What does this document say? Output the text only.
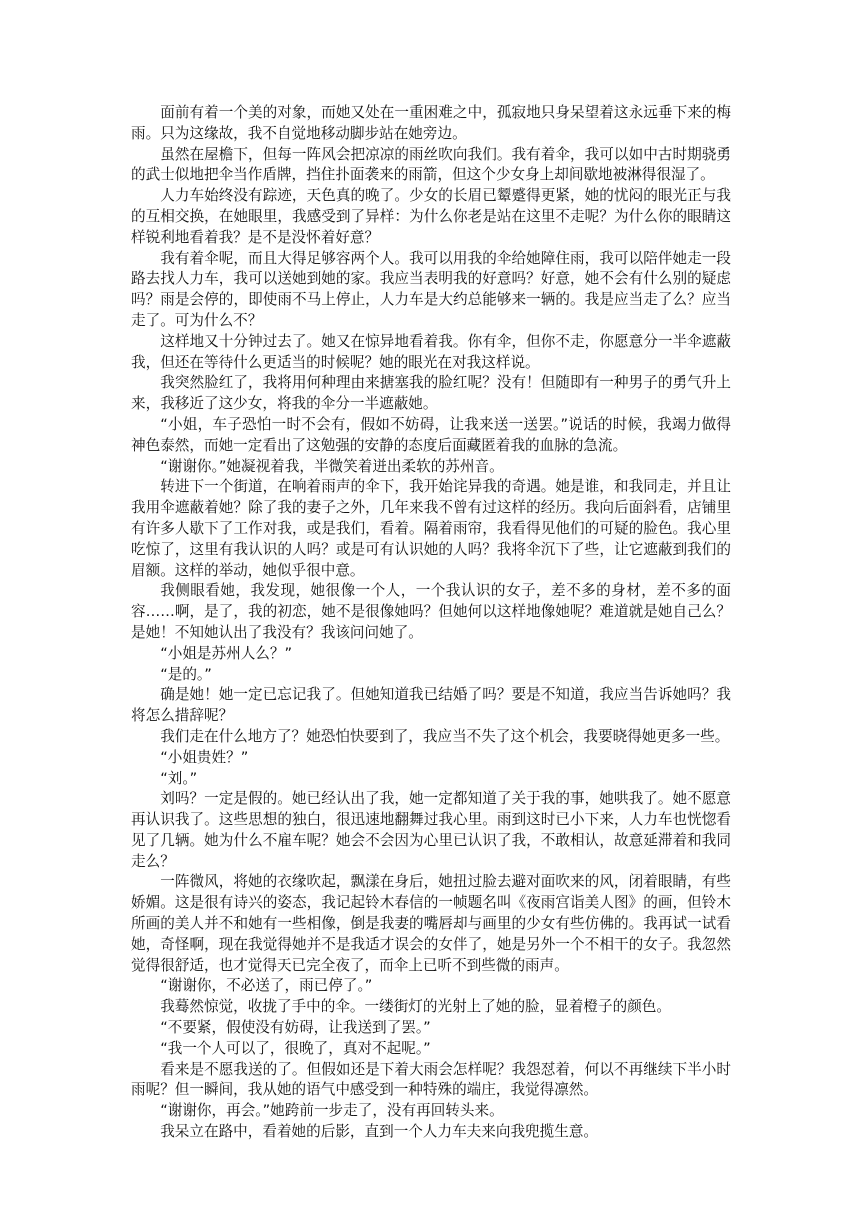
面前有着一个美的对象，而她又处在一重困难之中，孤寂地只身呆望着这永远垂下来的梅雨。只为这缘故，我不自觉地移动脚步站在她旁边。

虽然在屋檐下，但每一阵风会把凉凉的雨丝吹向我们。我有着伞，我可以如中古时期骁勇的武士似地把伞当作盾牌，挡住扑面袭来的雨箭，但这个少女身上却间歇地被淋得很湿了。

人力车始终没有踪迹，天色真的晚了。少女的长眉已颦蹙得更紧，她的忧闷的眼光正与我的互相交换，在她眼里，我感受到了异样：为什么你老是站在这里不走呢？为什么你的眼睛这样锐利地看着我？是不是没怀着好意？

我有着伞呢，而且大得足够容两个人。我可以用我的伞给她障住雨，我可以陪伴她走一段路去找人力车，我可以送她到她的家。我应当表明我的好意吗？好意，她不会有什么别的疑虑吗？雨是会停的，即使雨不马上停止，人力车是大约总能够来一辆的。我是应当走了么？应当走了。可为什么不？

这样地又十分钟过去了。她又在惊异地看着我。你有伞，但你不走，你愿意分一半伞遮蔽我，但还在等待什么更适当的时候呢？她的眼光在对我这样说。

我突然脸红了，我将用何种理由来搪塞我的脸红呢？没有！但随即有一种男子的勇气升上来，我移近了这少女，将我的伞分一半遮蔽她。

“小姐，车子恐怕一时不会有，假如不妨碍，让我来送一送罢。”说话的时候，我竭力做得神色泰然，而她一定看出了这勉强的安静的态度后面藏匿着我的血脉的急流。

“谢谢你。”她凝视着我，半微笑着迸出柔软的苏州音。

转进下一个街道，在响着雨声的伞下，我开始诧异我的奇遇。她是谁，和我同走，并且让我用伞遮蔽着她？除了我的妻子之外，几年来我不曾有过这样的经历。我向后面斜看，店铺里有许多人歇下了工作对我，或是我们，看着。隔着雨帘，我看得见他们的可疑的脸色。我心里吃惊了，这里有我认识的人吗？或是可有认识她的人吗？我将伞沉下了些，让它遮蔽到我们的眉额。这样的举动，她似乎很中意。

我侧眼看她，我发现，她很像一个人，一个我认识的女子，差不多的身材，差不多的面容……啊，是了，我的初恋，她不是很像她吗？但她何以这样地像她呢？难道就是她自己么？是她！不知她认出了我没有？我该问问她了。

“小姐是苏州人么？”

“是的。”

确是她！她一定已忘记我了。但她知道我已结婚了吗？要是不知道，我应当告诉她吗？我将怎么措辞呢？

我们走在什么地方了？她恐怕快要到了，我应当不失了这个机会，我要晓得她更多一些。

“小姐贵姓？”

“刘。”

刘吗？一定是假的。她已经认出了我，她一定都知道了关于我的事，她哄我了。她不愿意再认识我了。这些思想的独白，很迅速地翻舞过我心里。雨到这时已小下来，人力车也恍惚看见了几辆。她为什么不雇车呢？她会不会因为心里已认识了我，不敢相认，故意延滞着和我同走么？

一阵微风，将她的衣缘吹起，飘漾在身后，她扭过脸去避对面吹来的风，闭着眼睛，有些娇媚。这是很有诗兴的姿态，我记起铃木春信的一帧题名叫《夜雨宫诣美人图》的画，但铃木所画的美人并不和她有一些相像，倒是我妻的嘴唇却与画里的少女有些仿佛的。我再试一试看她，奇怪啊，现在我觉得她并不是我适才误会的女伴了，她是另外一个不相干的女子。我忽然觉得很舒适，也才觉得天已完全夜了，而伞上已听不到些微的雨声。

“谢谢你，不必送了，雨已停了。”

我蓦然惊觉，收拢了手中的伞。一缕街灯的光射上了她的脸，显着橙子的颜色。

“不要紧，假使没有妨碍，让我送到了罢。”

“我一个人可以了，很晚了，真对不起呢。”

看来是不愿我送的了。但假如还是下着大雨会怎样呢？我怨怼着，何以不再继续下半小时雨呢？但一瞬间，我从她的语气中感受到一种特殊的端庄，我觉得凛然。

“谢谢你，再会。”她跨前一步走了，没有再回转头来。

我呆立在路中，看着她的后影，直到一个人力车夫来向我兜揽生意。
